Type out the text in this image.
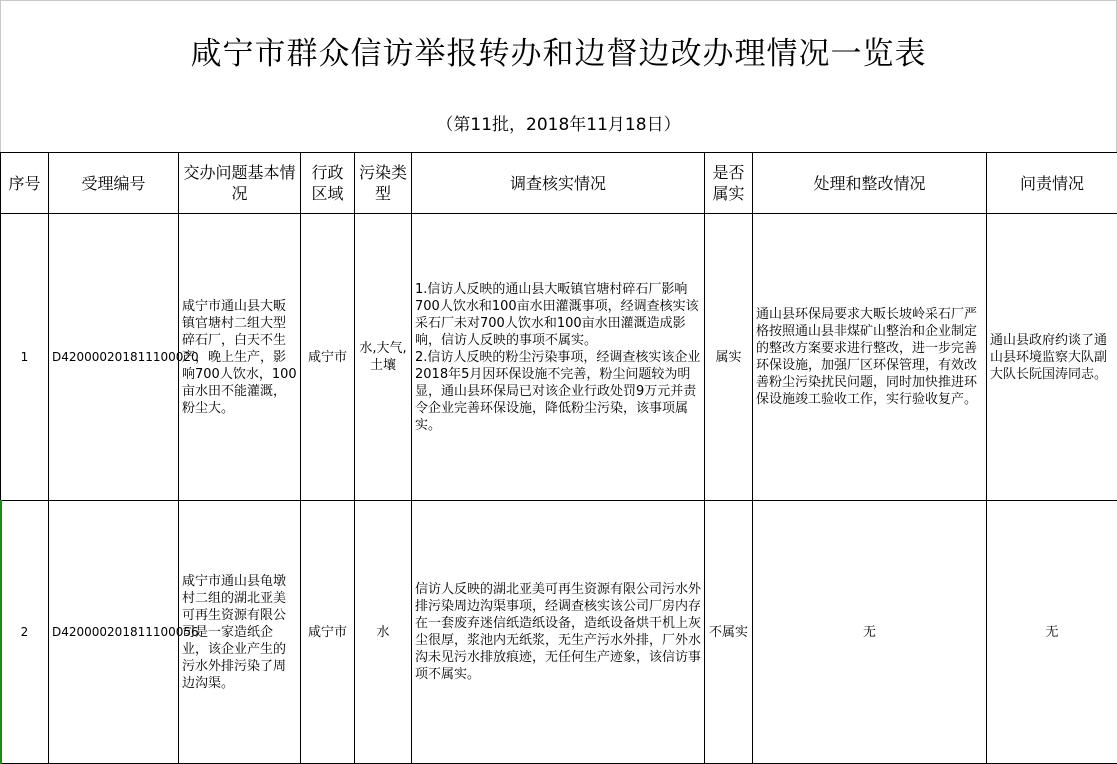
咸宁市群众信访举报转办和边督边改办理情况一览表
（第11批，2018年11月18日）
序号	受理编号	交办问题基本情况	行政区域	污染类型	调查核实情况	是否属实	处理和整改情况	问责情况
1	D420000201811100020	咸宁市通山县大畈镇官塘村二组大型碎石厂，白天不生产，晚上生产，影响700人饮水，100亩水田不能灌溉，粉尘大。	咸宁市	水,大气,土壤	1.信访人反映的通山县大畈镇官塘村碎石厂影响700人饮水和100亩水田灌溉事项，经调查核实该采石厂未对700人饮水和100亩水田灌溉造成影响，信访人反映的事项不属实。
2.信访人反映的粉尘污染事项，经调查核实该企业2018年5月因环保设施不完善，粉尘问题较为明显，通山县环保局已对该企业行政处罚9万元并责令企业完善环保设施，降低粉尘污染，该事项属实。	属实	通山县环保局要求大畈长坡岭采石厂严格按照通山县非煤矿山整治和企业制定的整改方案要求进行整改，进一步完善环保设施，加强厂区环保管理，有效改善粉尘污染扰民问题，同时加快推进环保设施竣工验收工作，实行验收复产。	通山县政府约谈了通山县环境监察大队副大队长阮国涛同志。
2	D420000201811100056	咸宁市通山县龟墩村二组的湖北亚美可再生资源有限公司是一家造纸企业，该企业产生的污水外排污染了周边沟渠。	咸宁市	水	信访人反映的湖北亚美可再生资源有限公司污水外排污染周边沟渠事项，经调查核实该公司厂房内存在一套废弃迷信纸造纸设备，造纸设备烘干机上灰尘很厚，浆池内无纸浆，无生产污水外排，厂外水沟未见污水排放痕迹，无任何生产迹象，该信访事项不属实。	不属实	无	无
